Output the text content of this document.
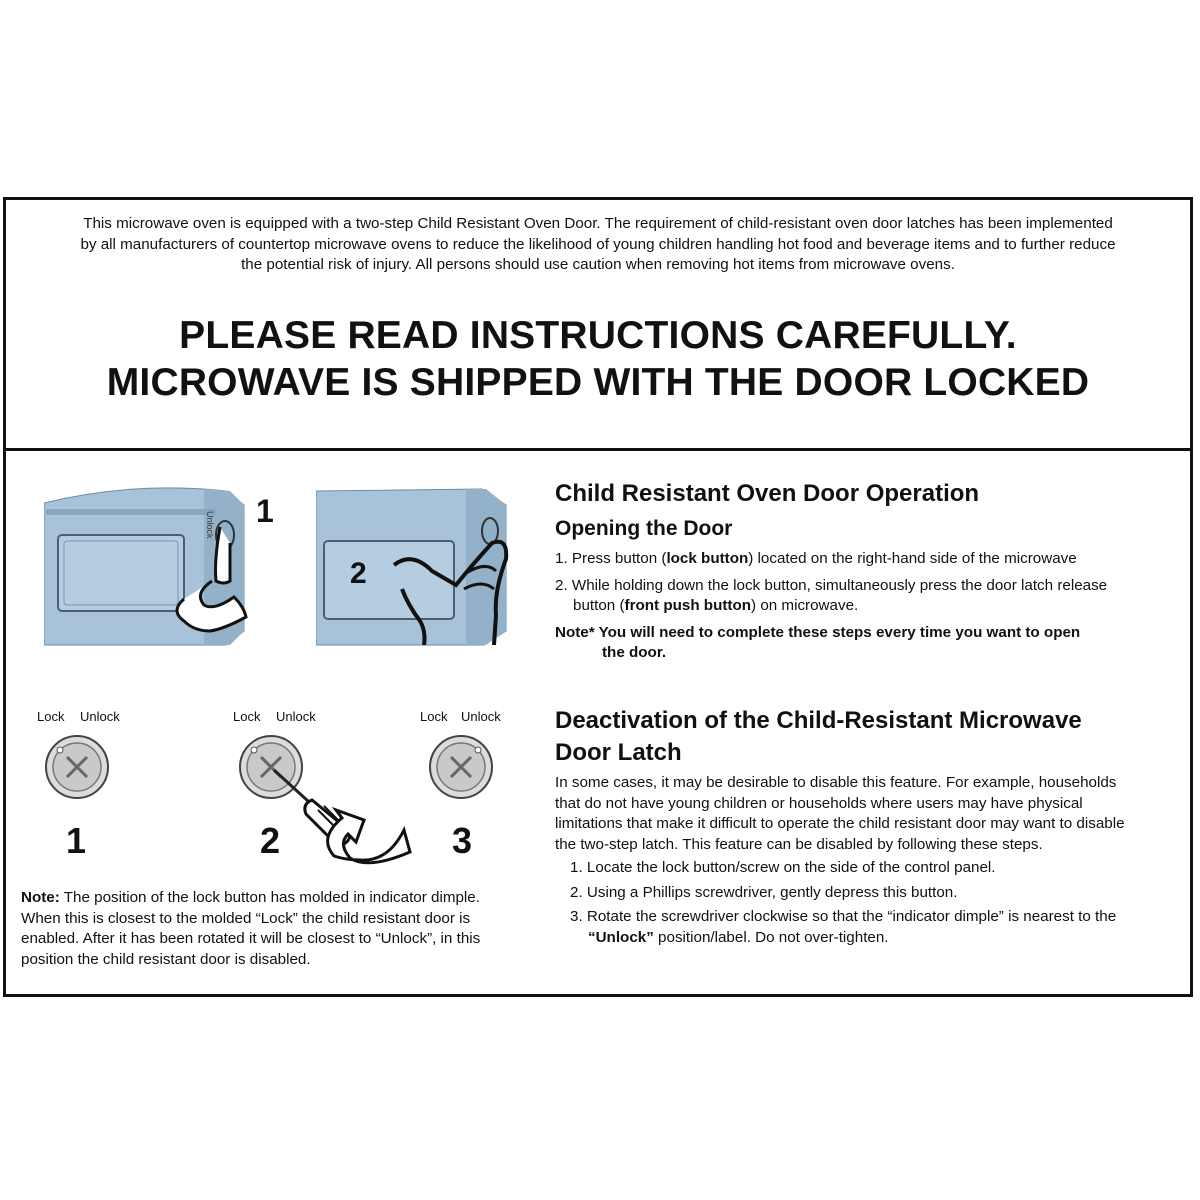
This microwave oven is equipped with a two-step Child Resistant Oven Door. The requirement of child-resistant oven door latches has been implemented
by all manufacturers of countertop microwave ovens to reduce the likelihood of young children handling hot food and beverage items and to further reduce
the potential risk of injury. All persons should use caution when removing hot items from microwave ovens.
PLEASE READ INSTRUCTIONS CAREFULLY.
MICROWAVE IS SHIPPED WITH THE DOOR LOCKED
Unlock 1
2
Lock Unlock
1
Lock Unlock
2
Lock Unlock
3
Note: The position of the lock button has molded in indicator dimple.
When this is closest to the molded “Lock” the child resistant door is
enabled. After it has been rotated it will be closest to “Unlock”, in this
position the child resistant door is disabled.
Child Resistant Oven Door Operation
Opening the Door
1. Press button (lock button) located on the right-hand side of the microwave
2. While holding down the lock button, simultaneously press the door latch release
button (front push button) on microwave.
Note* You will need to complete these steps every time you want to open
the door.
Deactivation of the Child-Resistant Microwave
Door Latch
In some cases, it may be desirable to disable this feature. For example, households
that do not have young children or households where users may have physical
limitations that make it difficult to operate the child resistant door may want to disable
the two-step latch. This feature can be disabled by following these steps.
1. Locate the lock button/screw on the side of the control panel.
2. Using a Phillips screwdriver, gently depress this button.
3. Rotate the screwdriver clockwise so that the “indicator dimple” is nearest to the
“Unlock” position/label. Do not over-tighten.
